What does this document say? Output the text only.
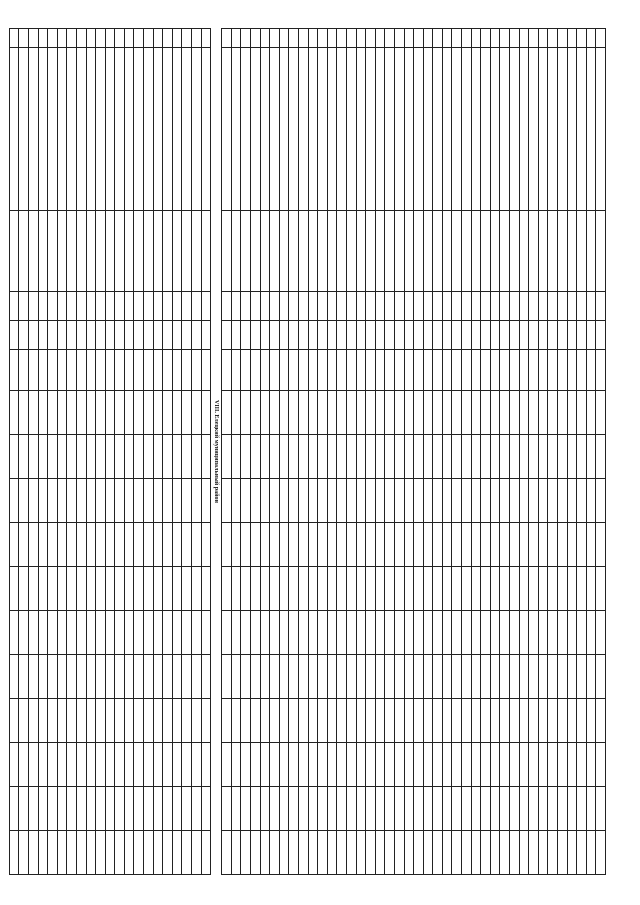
VIII. Елецкий муниципальный район																
